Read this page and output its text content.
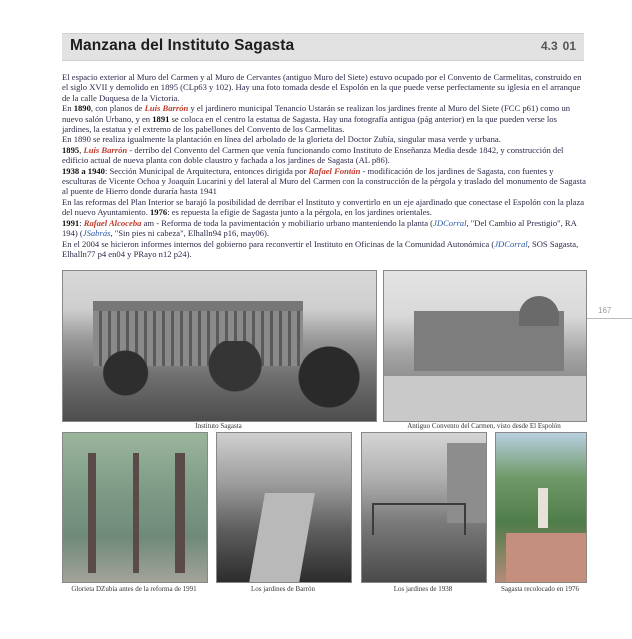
Manzana del Instituto Sagasta	4.3 01

El espacio exterior al Muro del Carmen y al Muro de Cervantes (antiguo Muro del Siete) estuvo ocupado por el Convento de Carmelitas, construido en el siglo XVII y demolido en 1895 (CLp63 y 102). Hay una foto tomada desde el Espolón en la que puede verse perfectamente su iglesia en el arranque de la calle Duquesa de la Victoria.

En 1890, con planos de Luis Barrón y el jardinero municipal Tenancio Ustarán se realizan los jardines frente al Muro del Siete (FCC p61) como un nuevo salón Urbano, y en 1891 se coloca en el centro la estatua de Sagasta. Hay una fotografía antigua (pág anterior) en la que pueden verse los jardines, la estatua y el extremo de los pabellones del Convento de los Carmelitas.

En 1890 se realiza igualmente la plantación en línea del arbolado de la glorieta del Doctor Zubía, singular masa verde y urbana.

1895, Luis Barrón - derribo del Convento del Carmen que venía funcionando como Instituto de Enseñanza Media desde 1842, y construcción del edificio actual de nueva planta con doble claustro y fachada a los jardines de Sagasta (AL p86).

1938 a 1940: Sección Municipal de Arquitectura, entonces dirigida por Rafael Fontán - modificación de los jardines de Sagasta, con fuentes y esculturas de Vicente Ochoa y Joaquín Lucarini y del lateral al Muro del Carmen con la construcción de la pérgola y traslado del monumento de Sagasta al puente de Hierro donde duraría hasta 1941

En las reformas del Plan Interior se barajó la posibilidad de derribar el Instituto y convertirlo en un eje ajardinado que conectase el Espolón con la plaza del nuevo Ayuntamiento. 1976: es repuesta la efigie de Sagasta junto a la pérgola, en los jardines orientales.

1991: Rafael Alcoceba am - Reforma de toda la pavimentación y mobiliario urbano manteniendo la planta (JDCorral, "Del Cambio al Prestigio", RA 194) (JSabrás, "Sin pies ni cabeza", Elhalln94 p16, may06).

En el 2004 se hicieron informes internos del gobierno para reconvertir el Instituto en Oficinas de la Comunidad Autonómica (JDCorral, SOS Sagasta, Elhalln77 p4 en04 y PRayo n12 p24).

167
Instituto Sagasta	Antiguo Convento del Carmen, visto desde El Espolón
Glorieta DZubía antes de la reforma de 1991	Los jardines de Barrón	Los jardines de 1938	Sagasta recolocado en 1976
